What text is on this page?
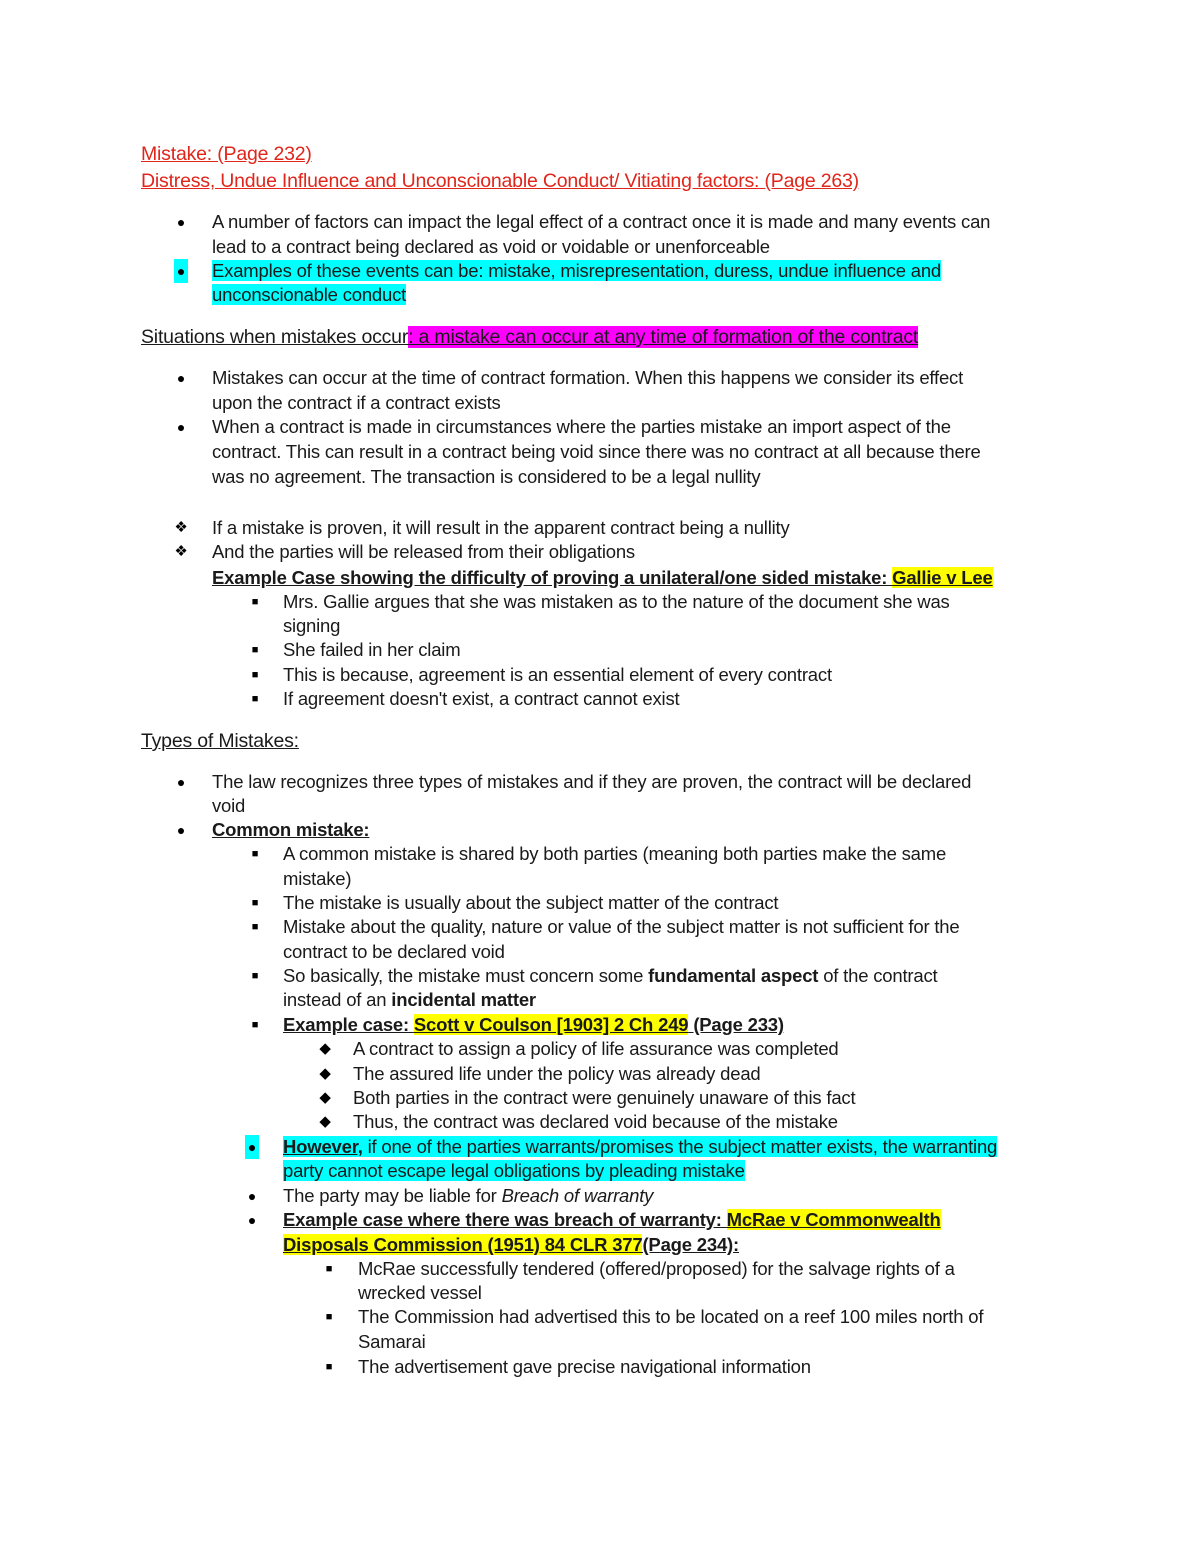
Mistake: (Page 232)
Distress, Undue Influence and Unconscionable Conduct/ Vitiating factors: (Page 263)
● A number of factors can impact the legal effect of a contract once it is made and many events can
lead to a contract being declared as void or voidable or unenforceable
● Examples of these events can be: mistake, misrepresentation, duress, undue influence and
unconscionable conduct
Situations when mistakes occur: a mistake can occur at any time of formation of the contract
● Mistakes can occur at the time of contract formation. When this happens we consider its effect
upon the contract if a contract exists
● When a contract is made in circumstances where the parties mistake an import aspect of the
contract. This can result in a contract being void since there was no contract at all because there
was no agreement. The transaction is considered to be a legal nullity
❖ If a mistake is proven, it will result in the apparent contract being a nullity
❖ And the parties will be released from their obligations
Example Case showing the difficulty of proving a unilateral/one sided mistake: Gallie v Lee
■ Mrs. Gallie argues that she was mistaken as to the nature of the document she was
signing
■ She failed in her claim
■ This is because, agreement is an essential element of every contract
■ If agreement doesn't exist, a contract cannot exist
Types of Mistakes:
● The law recognizes three types of mistakes and if they are proven, the contract will be declared
void
● Common mistake:
■ A common mistake is shared by both parties (meaning both parties make the same
mistake)
■ The mistake is usually about the subject matter of the contract
■ Mistake about the quality, nature or value of the subject matter is not sufficient for the
contract to be declared void
■ So basically, the mistake must concern some fundamental aspect of the contract
instead of an incidental matter
■ Example case: Scott v Coulson [1903] 2 Ch 249 (Page 233)
◆ A contract to assign a policy of life assurance was completed
◆ The assured life under the policy was already dead
◆ Both parties in the contract were genuinely unaware of this fact
◆ Thus, the contract was declared void because of the mistake
● However, if one of the parties warrants/promises the subject matter exists, the warranting
party cannot escape legal obligations by pleading mistake
● The party may be liable for Breach of warranty
● Example case where there was breach of warranty: McRae v Commonwealth
Disposals Commission (1951) 84 CLR 377(Page 234):
■ McRae successfully tendered (offered/proposed) for the salvage rights of a
wrecked vessel
■ The Commission had advertised this to be located on a reef 100 miles north of
Samarai
■ The advertisement gave precise navigational information
